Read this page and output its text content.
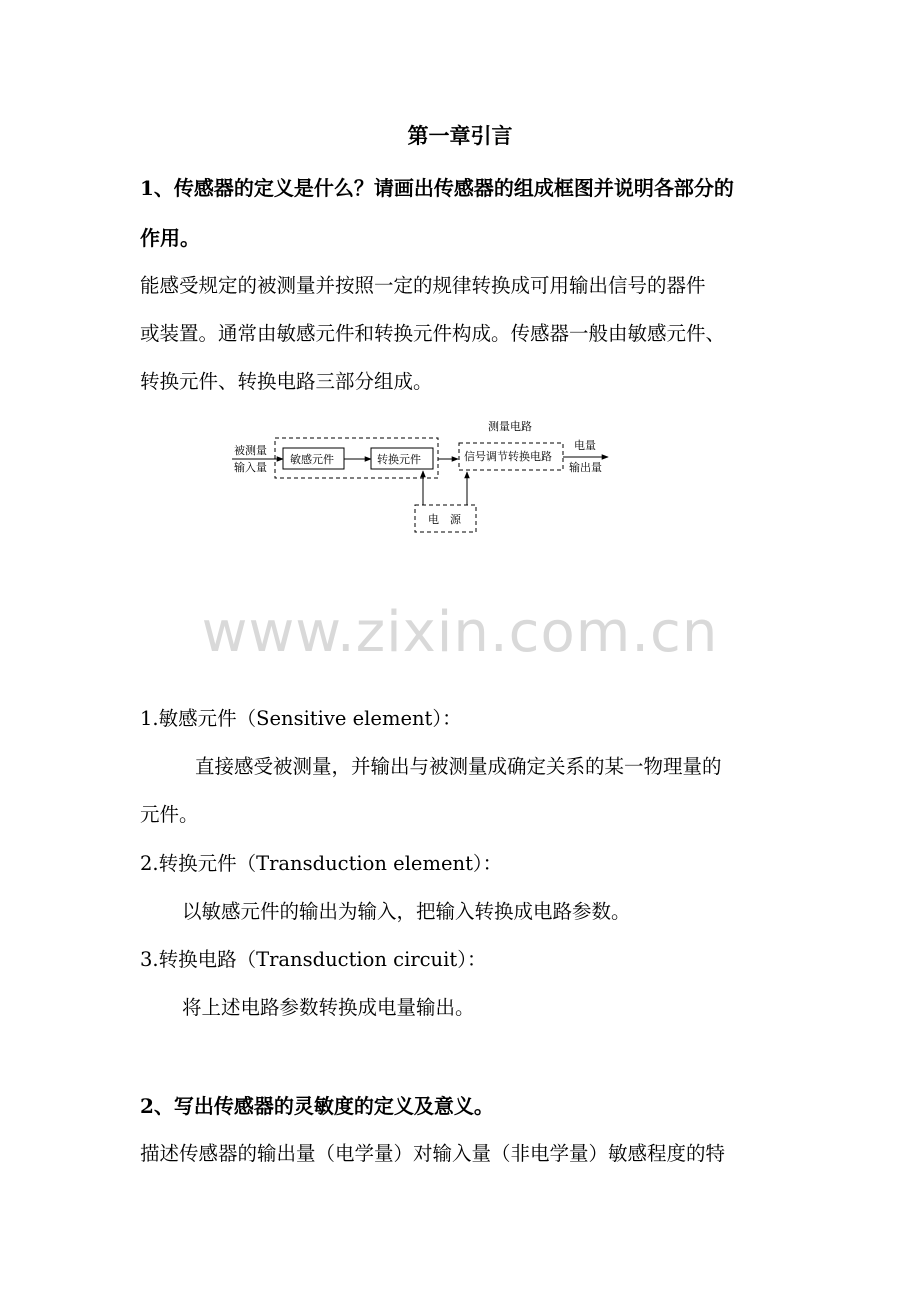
第一章引言
1、传感器的定义是什么？请画出传感器的组成框图并说明各部分的
作用。
能感受规定的被测量并按照一定的规律转换成可用输出信号的器件
或装置。通常由敏感元件和转换元件构成。传感器一般由敏感元件、
转换元件、转换电路三部分组成。
被测量
输入量
敏感元件	转换元件
测量电路
信号调节转换电路
电量
输出量
电　源
www.zixin.com.cn
1.敏感元件（Sensitive element）：
直接感受被测量，并输出与被测量成确定关系的某一物理量的
元件。
2.转换元件（Transduction element）：
以敏感元件的输出为输入，把输入转换成电路参数。
3.转换电路（Transduction circuit）：
将上述电路参数转换成电量输出。
2、写出传感器的灵敏度的定义及意义。
描述传感器的输出量（电学量）对输入量（非电学量）敏感程度的特
